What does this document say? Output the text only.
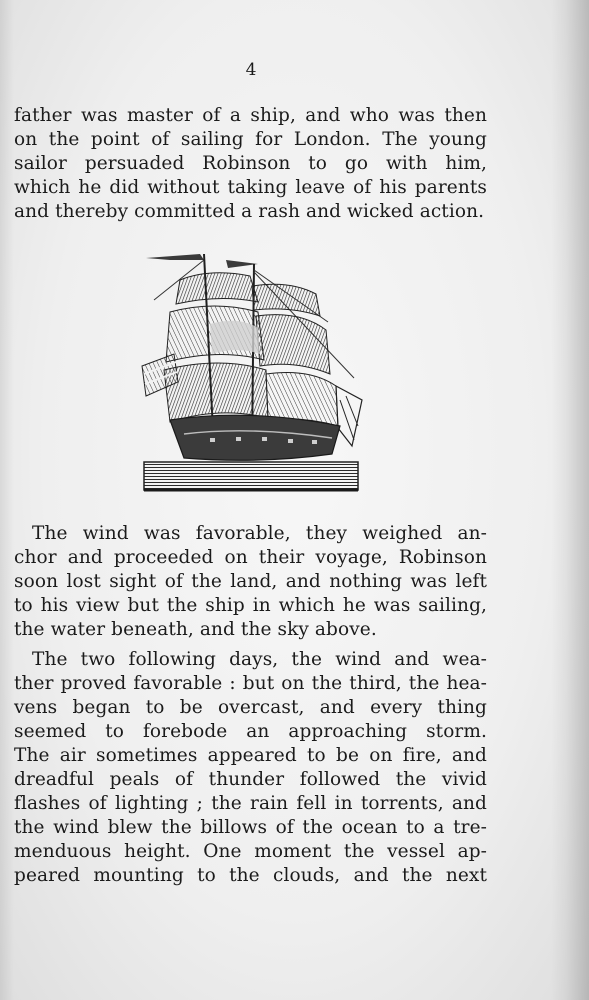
4
father was master of a ship, and who was then
on the point of sailing for London. The young
sailor persuaded Robinson to go with him,
which he did without taking leave of his parents
and thereby committed a rash and wicked action.
The wind was favorable, they weighed an-
chor and proceeded on their voyage, Robinson
soon lost sight of the land, and nothing was left
to his view but the ship in which he was sailing,
the water beneath, and the sky above.
The two following days, the wind and wea-
ther proved favorable : but on the third, the hea-
vens began to be overcast, and every thing
seemed to forebode an approaching storm.
The air sometimes appeared to be on fire, and
dreadful peals of thunder followed the vivid
flashes of lighting ; the rain fell in torrents, and
the wind blew the billows of the ocean to a tre-
menduous height. One moment the vessel ap-
peared mounting to the clouds, and the next
